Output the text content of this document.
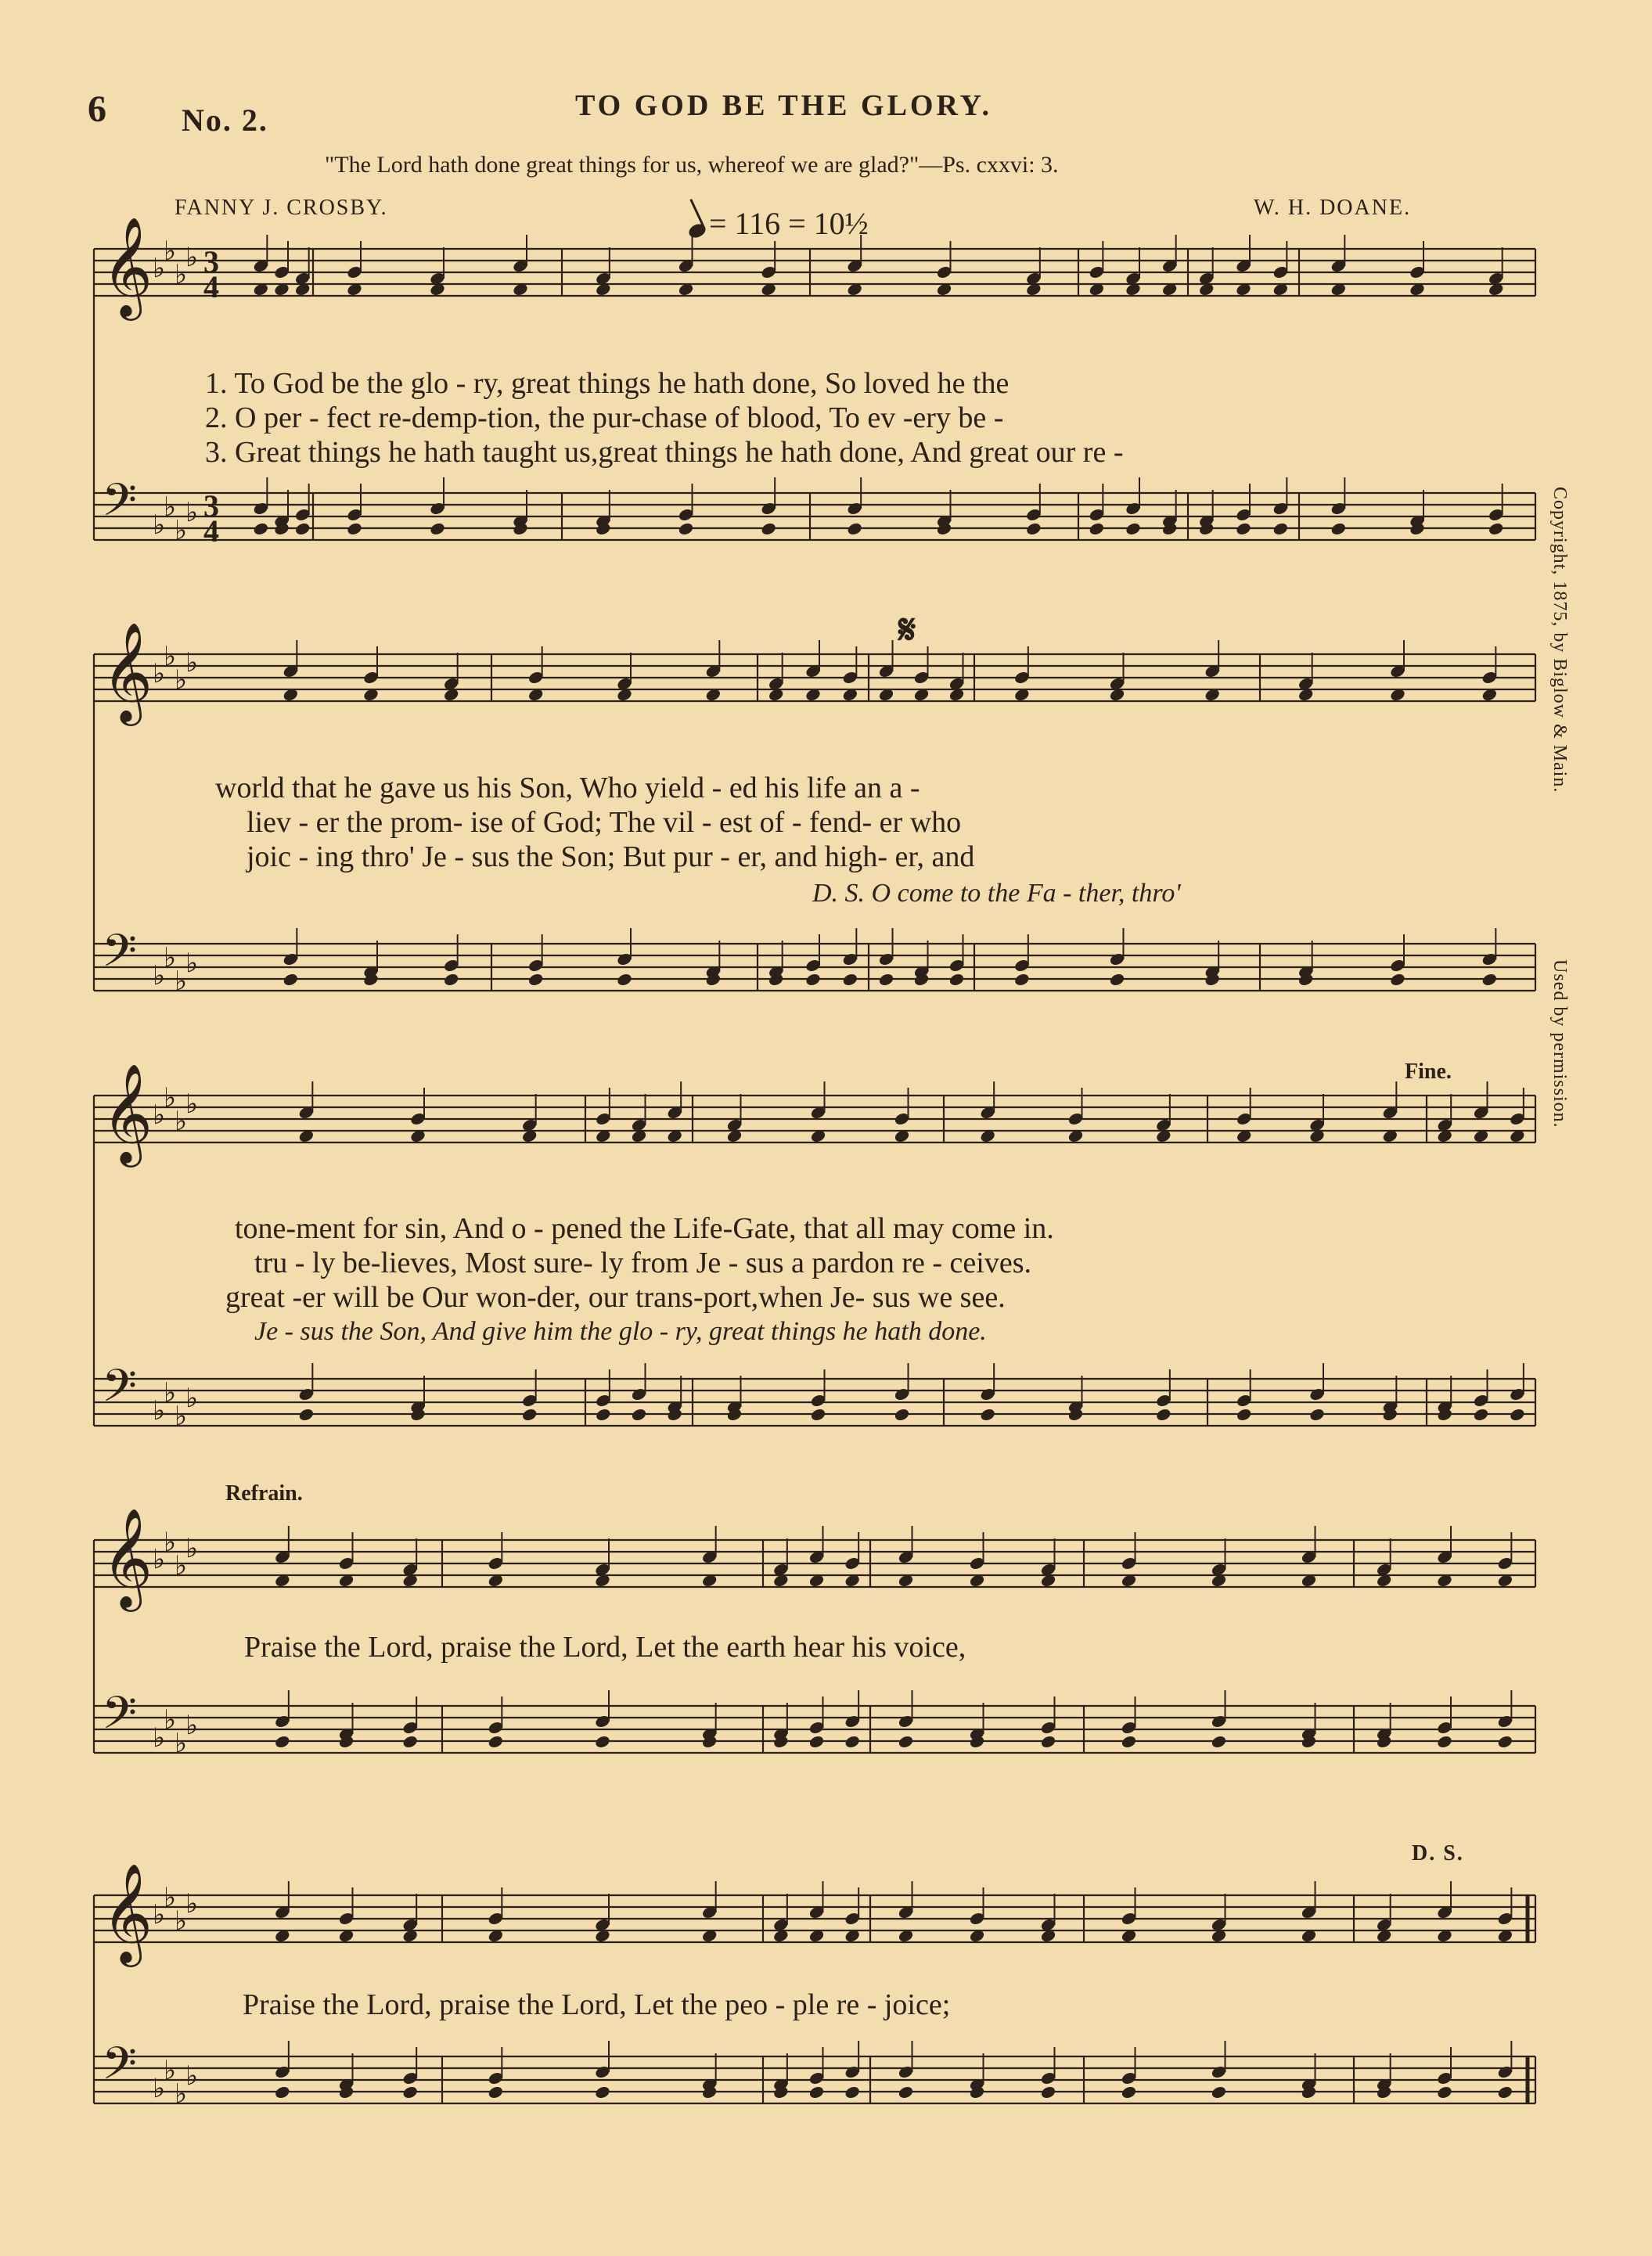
6 No. 2.	TO GOD BE THE GLORY.
"The Lord hath done great things for us, whereof we are glad?"—Ps. cxxvi: 3.
FANNY J. CROSBY.	W. H. DOANE.
= 116 = 10½
𝄞 ♭
♭
♭
♭ 3
4
𝄢 ♭
♭
♭
♭ 3
4
𝄞 ♭
♭
♭
♭
𝄢 ♭
♭
♭
♭
𝄞 ♭
♭
♭
♭
𝄢 ♭
♭
♭
♭
𝄞 ♭
♭
♭
♭
𝄢 ♭
♭
♭
♭
𝄞 ♭
♭
♭
♭
𝄢 ♭
♭
♭
♭
𝄋
Fine.
Refrain.
D. S.
1. To God be the glo - ry, great things he hath done, So loved he the
2. O per - fect re-demp-tion, the pur-chase of blood, To ev -ery be -
3. Great things he hath taught us,great things he hath done, And great our re -
world that he gave us his Son, Who yield - ed his life an a -
liev - er the prom- ise of God; The vil - est of - fend- er who
joic - ing thro' Je - sus the Son; But pur - er, and high- er, and
D. S. O come to the Fa - ther, thro'
tone-ment for sin, And o - pened the Life-Gate, that all may come in.
tru - ly be-lieves, Most sure- ly from Je - sus a pardon re - ceives.
great -er will be Our won-der, our trans-port,when Je- sus we see.
Je - sus the Son, And give him the glo - ry, great things he hath done.
Praise the Lord, praise the Lord, Let the earth hear his voice,
Praise the Lord, praise the Lord, Let the peo - ple re - joice;
Copyright, 1875, by Biglow & Main.
Used by permission.
